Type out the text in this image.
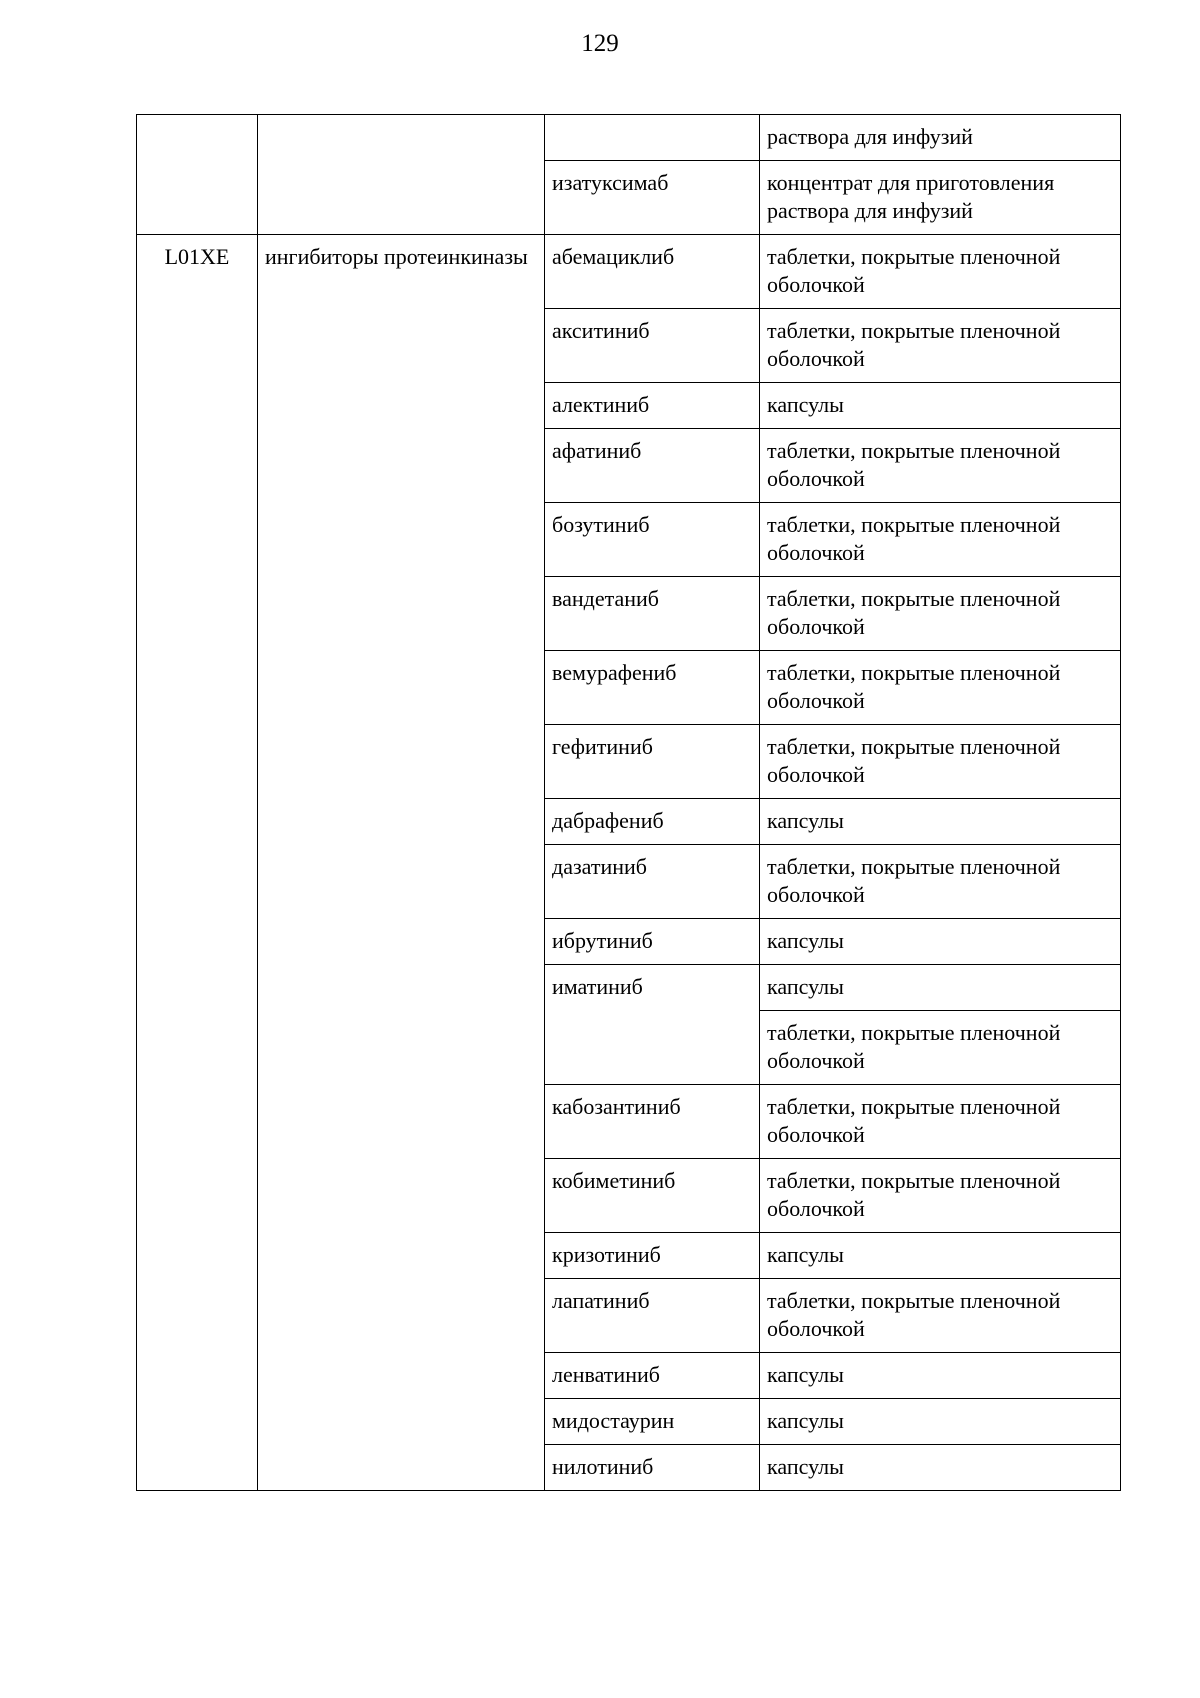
129
			раствора для инфузий
		изатуксимаб	концентрат для приготовления раствора для инфузий
L01XE	ингибиторы протеинкиназы	абемациклиб	таблетки, покрытые пленочной оболочкой
		акситиниб	таблетки, покрытые пленочной оболочкой
		алектиниб	капсулы
		афатиниб	таблетки, покрытые пленочной оболочкой
		бозутиниб	таблетки, покрытые пленочной оболочкой
		вандетаниб	таблетки, покрытые пленочной оболочкой
		вемурафениб	таблетки, покрытые пленочной оболочкой
		гефитиниб	таблетки, покрытые пленочной оболочкой
		дабрафениб	капсулы
		дазатиниб	таблетки, покрытые пленочной оболочкой
		ибрутиниб	капсулы
		иматиниб	капсулы
			таблетки, покрытые пленочной оболочкой
		кабозантиниб	таблетки, покрытые пленочной оболочкой
		кобиметиниб	таблетки, покрытые пленочной оболочкой
		кризотиниб	капсулы
		лапатиниб	таблетки, покрытые пленочной оболочкой
		ленватиниб	капсулы
		мидостаурин	капсулы
		нилотиниб	капсулы
